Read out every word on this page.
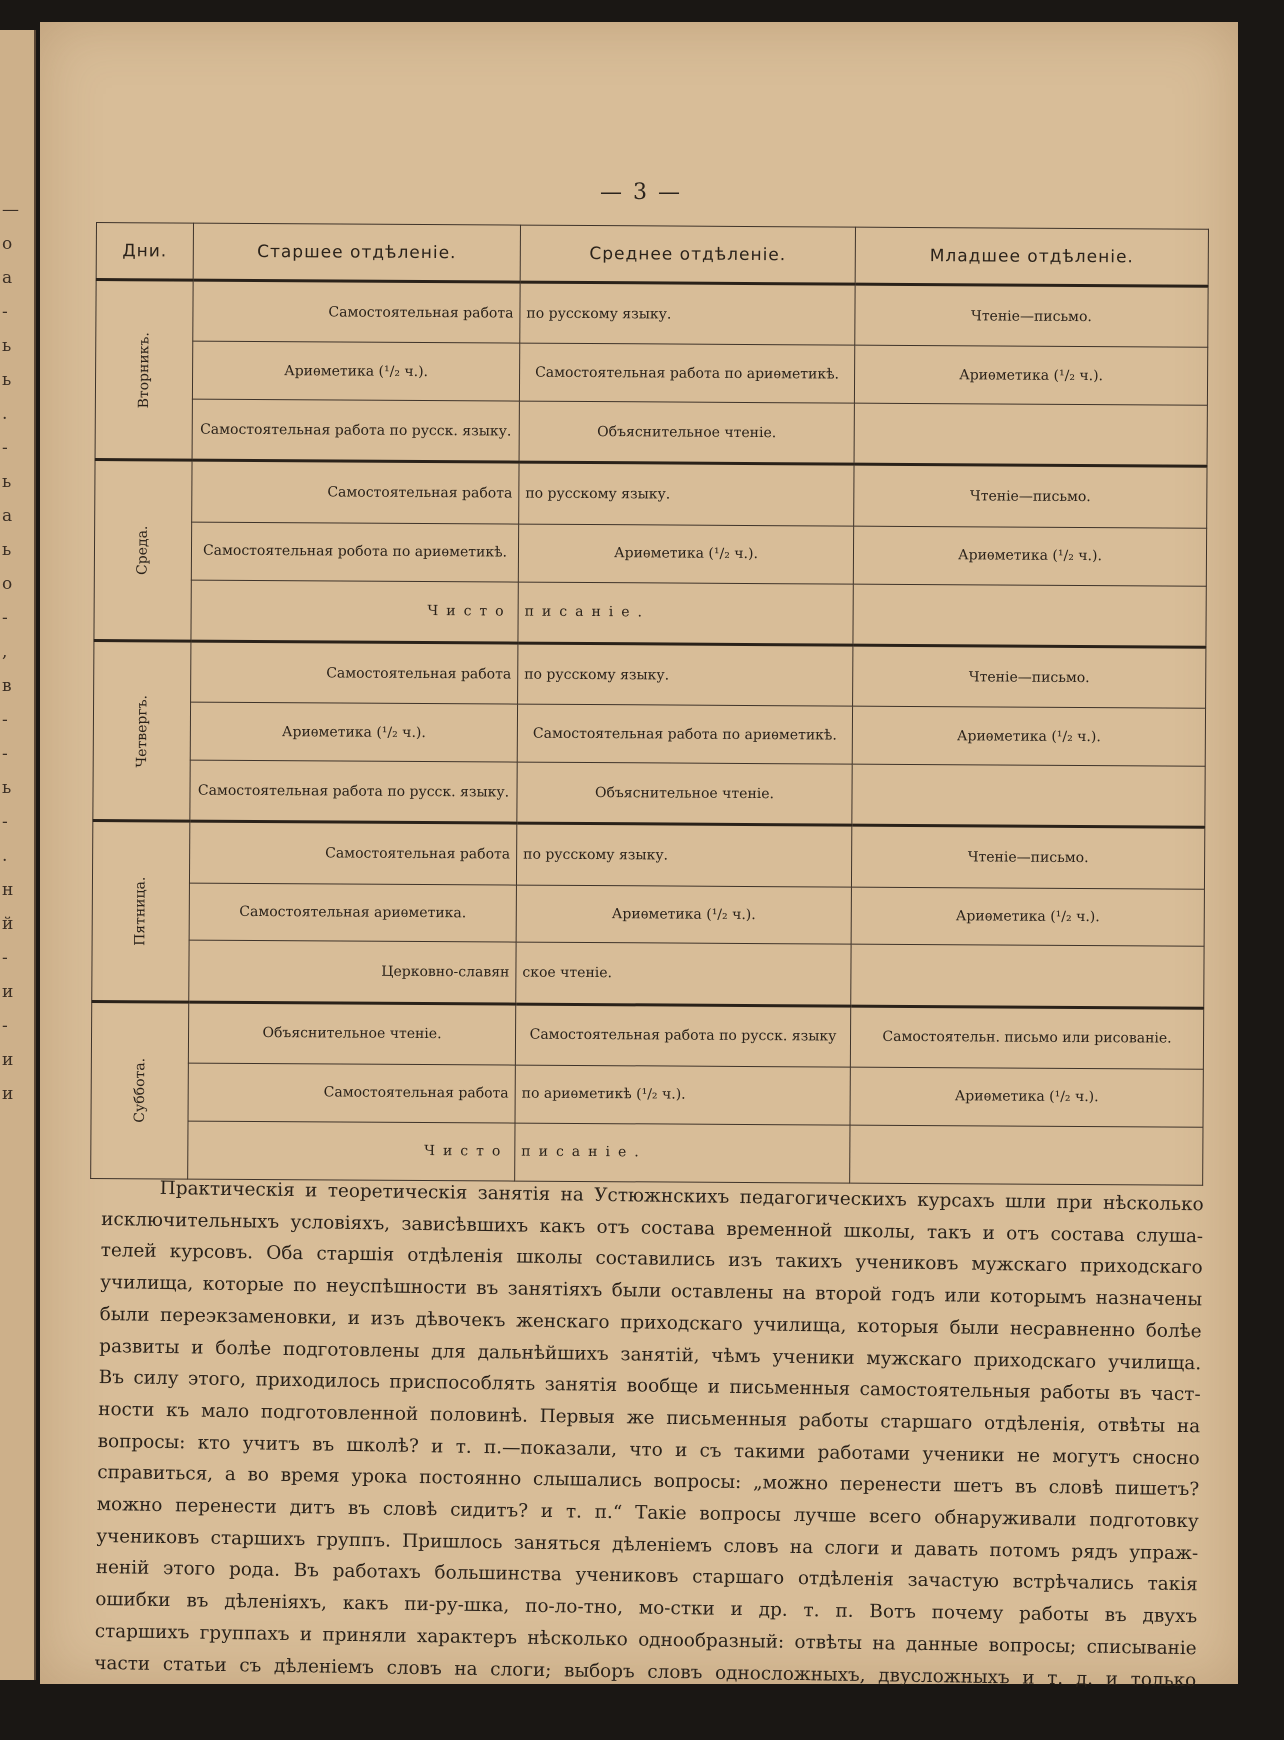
—
о
а
-
ь
ь
.
-
ь
а
ь
о
-
,
в
-
-
ь
-
.
н
й
-
и
-
и
и
— 3 —
Дни.	Старшее отдѣленіе.	Среднее отдѣленіе.	Младшее отдѣленіе.
Вторникъ.	Самостоятельная работа	по русскому языку.	Чтеніе—письмо.
	Ариѳметика (¹/₂ ч.).	Самостоятельная работа по ариѳметикѣ.	Ариѳметика (¹/₂ ч.).
	Самостоятельная работа по русск. языку.	Объяснительное чтеніе.	
Среда.	Самостоятельная работа	по русскому языку.	Чтеніе—письмо.
	Самостоятельная робота по ариѳметикѣ.	Ариѳметика (¹/₂ ч.).	Ариѳметика (¹/₂ ч.).
	Чисто	писаніе.	
Четвергъ.	Самостоятельная работа	по русскому языку.	Чтеніе—письмо.
	Ариѳметика (¹/₂ ч.).	Самостоятельная работа по ариѳметикѣ.	Ариѳметика (¹/₂ ч.).
	Самостоятельная работа по русск. языку.	Объяснительное чтеніе.	
Пятница.	Самостоятельная работа	по русскому языку.	Чтеніе—письмо.
	Самостоятельная ариѳметика.	Ариѳметика (¹/₂ ч.).	Ариѳметика (¹/₂ ч.).
	Церковно-славян	ское чтеніе.	
Суббота.	Объяснительное чтеніе.	Самостоятельная работа по русск. языку	Самостоятельн. письмо или рисованіе.
	Самостоятельная работа	по ариѳметикѣ (¹/₂ ч.).	Ариѳметика (¹/₂ ч.).
	Чисто	писаніе.	
Практическія и теоретическія занятія на Устюжнскихъ педагогическихъ курсахъ шли при нѣсколько
исключительныхъ условіяхъ, зависѣвшихъ какъ отъ состава временной школы, такъ и отъ состава слуша-
телей курсовъ. Оба старшія отдѣленія школы составились изъ такихъ учениковъ мужскаго приходскаго
училища, которые по неуспѣшности въ занятіяхъ были оставлены на второй годъ или которымъ назначены
были переэкзаменовки, и изъ дѣвочекъ женскаго приходскаго училища, которыя были несравненно болѣе
развиты и болѣе подготовлены для дальнѣйшихъ занятій, чѣмъ ученики мужскаго приходскаго училища.
Въ силу этого, приходилось приспособлять занятія вообще и письменныя самостоятельныя работы въ част-
ности къ мало подготовленной половинѣ. Первыя же письменныя работы старшаго отдѣленія, отвѣты на
вопросы: кто учитъ въ школѣ? и т. п.—показали, что и съ такими работами ученики не могутъ сносно
справиться, а во время урока постоянно слышались вопросы: „можно перенести шетъ въ словѣ пишетъ?
можно перенести дитъ въ словѣ сидитъ? и т. п.“ Такіе вопросы лучше всего обнаруживали подготовку
учениковъ старшихъ группъ. Пришлось заняться дѣленіемъ словъ на слоги и давать потомъ рядъ упраж-
неній этого рода. Въ работахъ большинства учениковъ старшаго отдѣленія зачастую встрѣчались такія
ошибки въ дѣленіяхъ, какъ пи-ру-шка, по-ло-тно, мо-стки и др. т. п. Вотъ почему работы въ двухъ
старшихъ группахъ и приняли характеръ нѣсколько однообразный: отвѣты на данные вопросы; списываніе
части статьи съ дѣленіемъ словъ на слоги; выборъ словъ односложныхъ, двусложныхъ и т. д. и только
